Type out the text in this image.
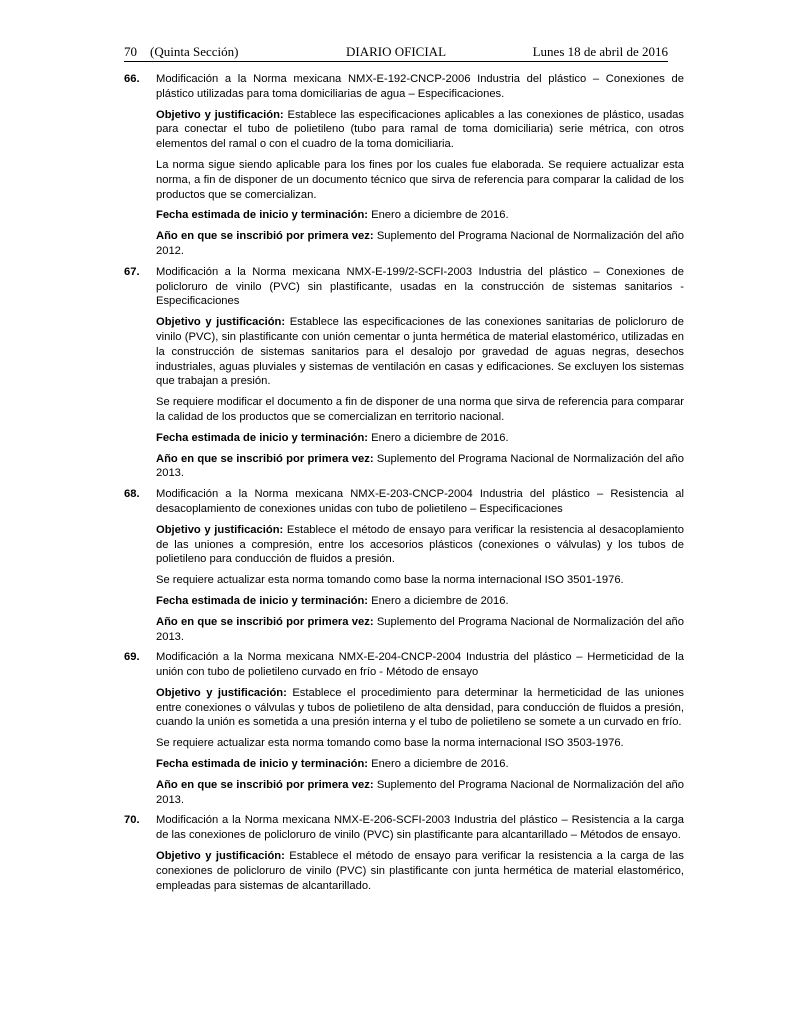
70 (Quinta Sección)	DIARIO OFICIAL	Lunes 18 de abril de 2016
66. Modificación a la Norma mexicana NMX-E-192-CNCP-2006 Industria del plástico – Conexiones de plástico utilizadas para toma domiciliarias de agua – Especificaciones.

Objetivo y justificación: Establece las especificaciones aplicables a las conexiones de plástico, usadas para conectar el tubo de polietileno (tubo para ramal de toma domiciliaria) serie métrica, con otros elementos del ramal o con el cuadro de la toma domiciliaria.

La norma sigue siendo aplicable para los fines por los cuales fue elaborada. Se requiere actualizar esta norma, a fin de disponer de un documento técnico que sirva de referencia para comparar la calidad de los productos que se comercializan.

Fecha estimada de inicio y terminación: Enero a diciembre de 2016.

Año en que se inscribió por primera vez: Suplemento del Programa Nacional de Normalización del año 2012.

67. Modificación a la Norma mexicana NMX-E-199/2-SCFI-2003 Industria del plástico – Conexiones de policloruro de vinilo (PVC) sin plastificante, usadas en la construcción de sistemas sanitarios - Especificaciones

Objetivo y justificación: Establece las especificaciones de las conexiones sanitarias de policloruro de vinilo (PVC), sin plastificante con unión cementar o junta hermética de material elastomérico, utilizadas en la construcción de sistemas sanitarios para el desalojo por gravedad de aguas negras, desechos industriales, aguas pluviales y sistemas de ventilación en casas y edificaciones. Se excluyen los sistemas que trabajan a presión.

Se requiere modificar el documento a fin de disponer de una norma que sirva de referencia para comparar la calidad de los productos que se comercializan en territorio nacional.

Fecha estimada de inicio y terminación: Enero a diciembre de 2016.

Año en que se inscribió por primera vez: Suplemento del Programa Nacional de Normalización del año 2013.

68. Modificación a la Norma mexicana NMX-E-203-CNCP-2004 Industria del plástico – Resistencia al desacoplamiento de conexiones unidas con tubo de polietileno – Especificaciones

Objetivo y justificación: Establece el método de ensayo para verificar la resistencia al desacoplamiento de las uniones a compresión, entre los accesorios plásticos (conexiones o válvulas) y los tubos de polietileno para conducción de fluidos a presión.

Se requiere actualizar esta norma tomando como base la norma internacional ISO 3501-1976.

Fecha estimada de inicio y terminación: Enero a diciembre de 2016.

Año en que se inscribió por primera vez: Suplemento del Programa Nacional de Normalización del año 2013.

69. Modificación a la Norma mexicana NMX-E-204-CNCP-2004 Industria del plástico – Hermeticidad de la unión con tubo de polietileno curvado en frío - Método de ensayo

Objetivo y justificación: Establece el procedimiento para determinar la hermeticidad de las uniones entre conexiones o válvulas y tubos de polietileno de alta densidad, para conducción de fluidos a presión, cuando la unión es sometida a una presión interna y el tubo de polietileno se somete a un curvado en frío.

Se requiere actualizar esta norma tomando como base la norma internacional ISO 3503-1976.

Fecha estimada de inicio y terminación: Enero a diciembre de 2016.

Año en que se inscribió por primera vez: Suplemento del Programa Nacional de Normalización del año 2013.

70. Modificación a la Norma mexicana NMX-E-206-SCFI-2003 Industria del plástico – Resistencia a la carga de las conexiones de policloruro de vinilo (PVC) sin plastificante para alcantarillado – Métodos de ensayo.

Objetivo y justificación: Establece el método de ensayo para verificar la resistencia a la carga de las conexiones de policloruro de vinilo (PVC) sin plastificante con junta hermética de material elastomérico, empleadas para sistemas de alcantarillado.
